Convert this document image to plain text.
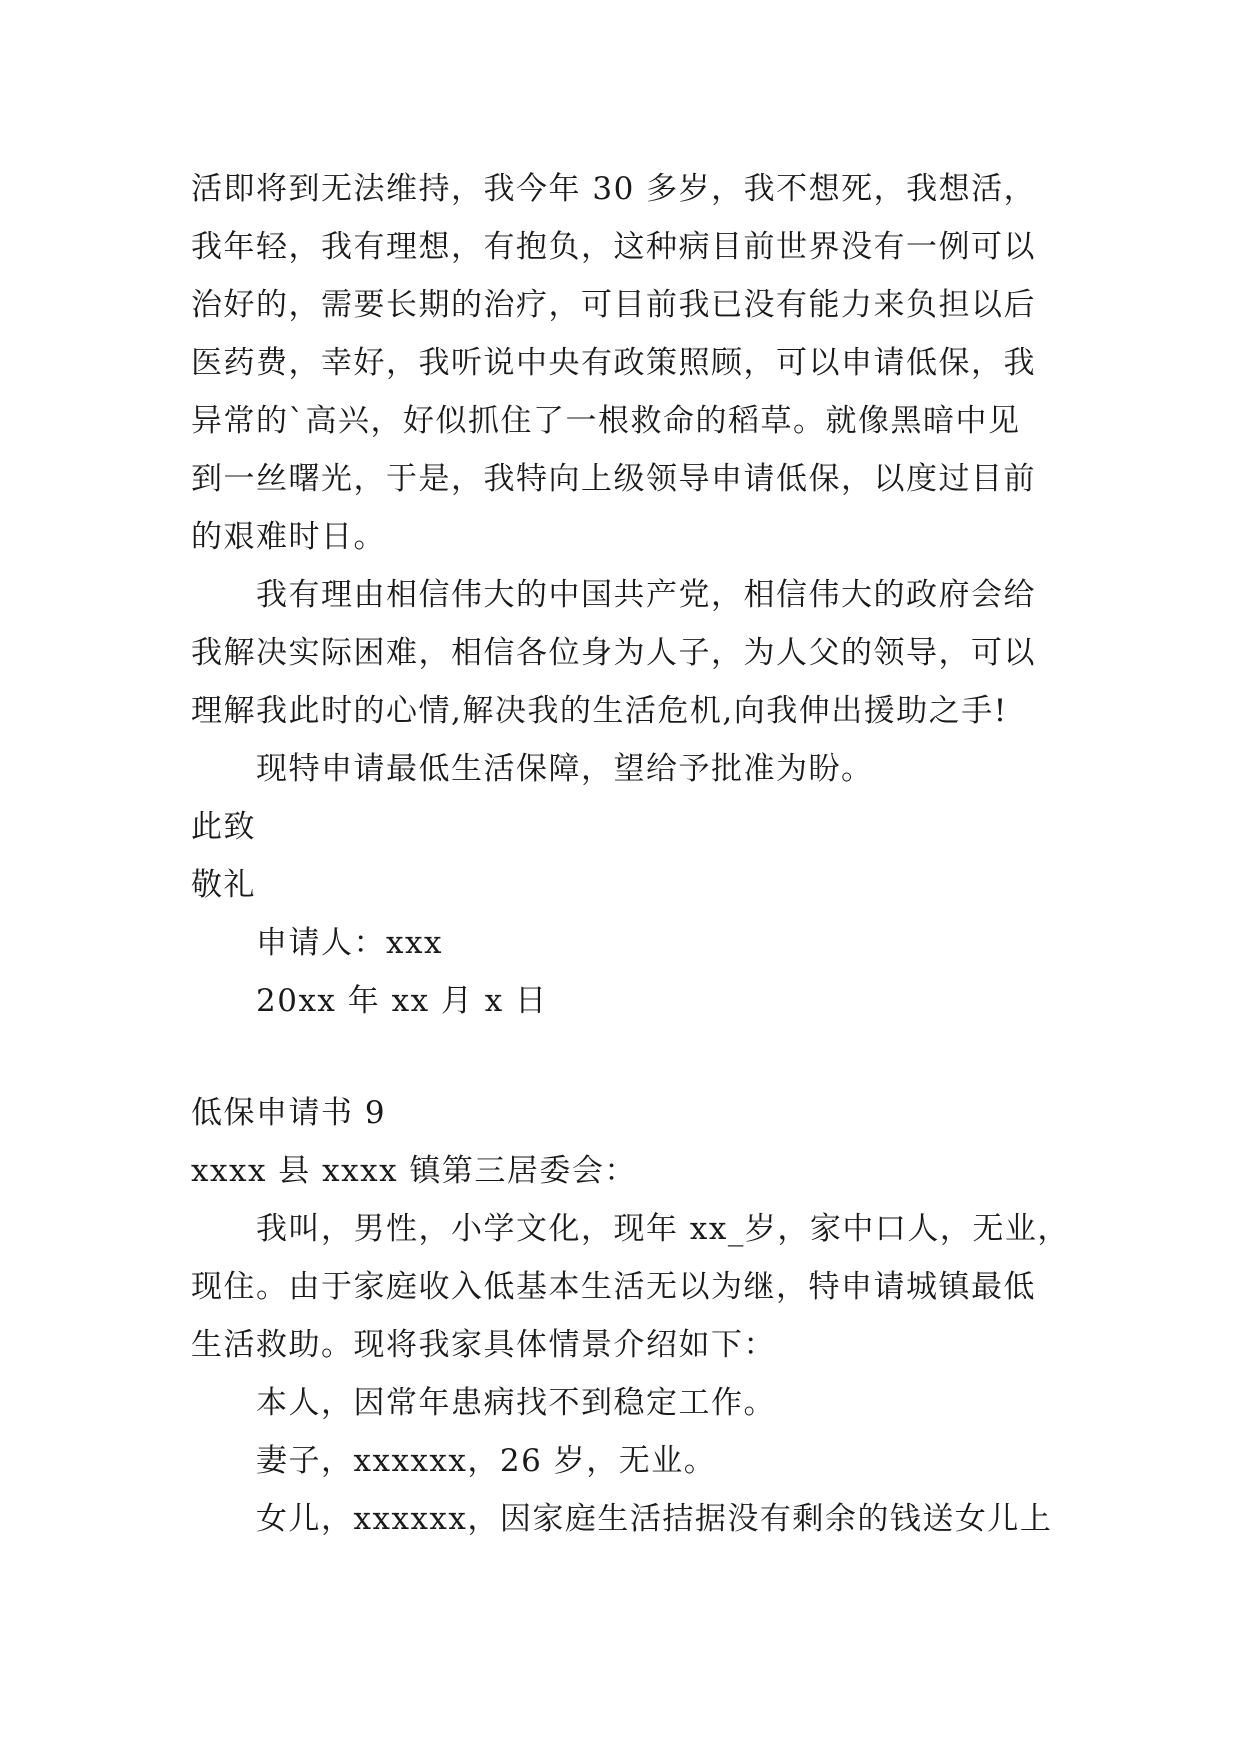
活即将到无法维持，我今年 30 多岁，我不想死，我想活，
我年轻，我有理想，有抱负，这种病目前世界没有一例可以
治好的，需要长期的治疗，可目前我已没有能力来负担以后
医药费，幸好，我听说中央有政策照顾，可以申请低保，我
异常的`高兴，好似抓住了一根救命的稻草。就像黑暗中见
到一丝曙光，于是，我特向上级领导申请低保，以度过目前
的艰难时日。
我有理由相信伟大的中国共产党，相信伟大的政府会给
我解决实际困难，相信各位身为人子，为人父的领导，可以
理解我此时的心情,解决我的生活危机,向我伸出援助之手!
现特申请最低生活保障，望给予批准为盼。
此致
敬礼
申请人：xxx
20xx 年 xx 月 x 日
低保申请书 9
xxxx 县 xxxx 镇第三居委会：
我叫，男性，小学文化，现年 xx_岁，家中口人，无业，
现住。由于家庭收入低基本生活无以为继，特申请城镇最低
生活救助。现将我家具体情景介绍如下：
本人，因常年患病找不到稳定工作。
妻子，xxxxxx，26 岁，无业。
女儿，xxxxxx，因家庭生活拮据没有剩余的钱送女儿上
